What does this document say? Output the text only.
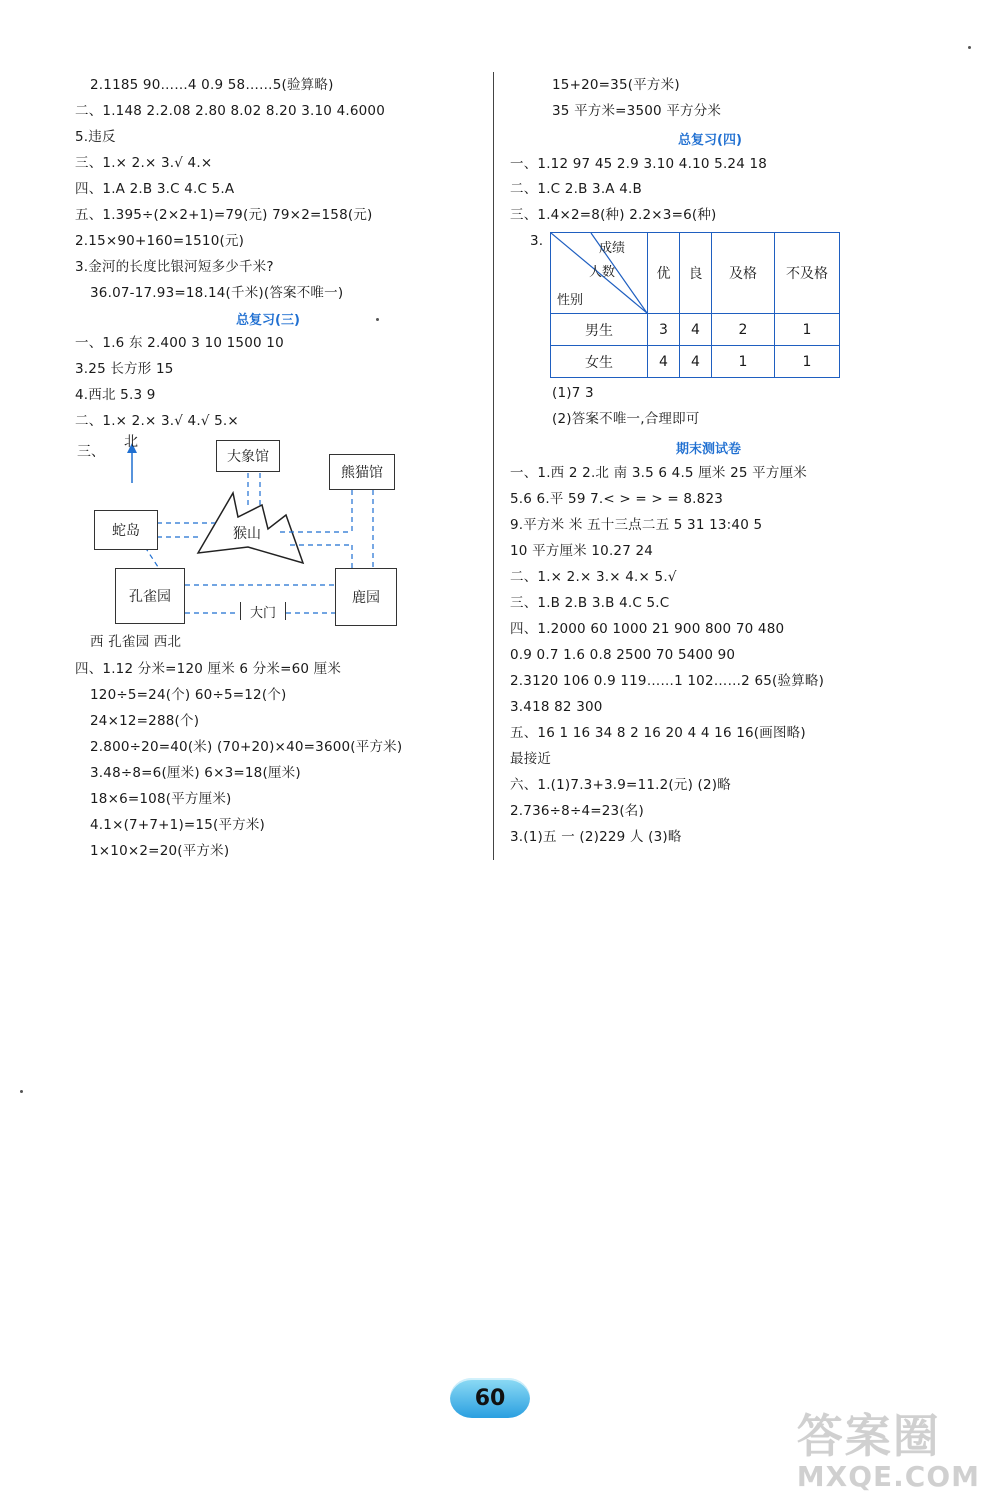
2.1185 90……4 0.9 58……5(验算略)
二、1.148 2.2.08 2.80 8.02 8.20 3.10 4.6000
5.违反
三、1.× 2.× 3.√ 4.×
四、1.A 2.B 3.C 4.C 5.A
五、1.395÷(2×2+1)=79(元) 79×2=158(元)
2.15×90+160=1510(元)
3.金河的长度比银河短多少千米?
36.07-17.93=18.14(千米)(答案不唯一)
总复习(三)
一、1.6 东 2.400 3 10 1500 10
3.25 长方形 15
4.西北 5.3 9
二、1.× 2.× 3.√ 4.√ 5.×
三、
北
大象馆
熊猫馆
蛇岛	猴山
孔雀园	鹿园
大门
西 孔雀园 西北
四、1.12 分米=120 厘米 6 分米=60 厘米
120÷5=24(个) 60÷5=12(个)
24×12=288(个)
2.800÷20=40(米) (70+20)×40=3600(平方米)
3.48÷8=6(厘米) 6×3=18(厘米)
18×6=108(平方厘米)
4.1×(7+7+1)=15(平方米)
1×10×2=20(平方米)
15+20=35(平方米)
35 平方米=3500 平方分米
总复习(四)
一、1.12 97 45 2.9 3.10 4.10 5.24 18
二、1.C 2.B 3.A 4.B
三、1.4×2=8(种) 2.2×3=6(种)
3.	成绩
人数
性别	优	良	及格	不及格
男生	3	4	2	1
女生	4	4	1	1
(1)7 3
(2)答案不唯一,合理即可
期末测试卷
一、1.西 2 2.北 南 3.5 6 4.5 厘米 25 平方厘米
5.6 6.平 59 7.< > = > = 8.823
9.平方米 米 五十三点二五 5 31 13:40 5
10 平方厘米 10.27 24
二、1.× 2.× 3.× 4.× 5.√
三、1.B 2.B 3.B 4.C 5.C
四、1.2000 60 1000 21 900 800 70 480
0.9 0.7 1.6 0.8 2500 70 5400 90
2.3120 106 0.9 119……1 102……2 65(验算略)
3.418 82 300
五、16 1 16 34 8 2 16 20 4 4 16 16(画图略)
最接近
六、1.(1)7.3+3.9=11.2(元) (2)略
2.736÷8÷4=23(名)
3.(1)五 一 (2)229 人 (3)略
60
答案圈
MXQE.COM
